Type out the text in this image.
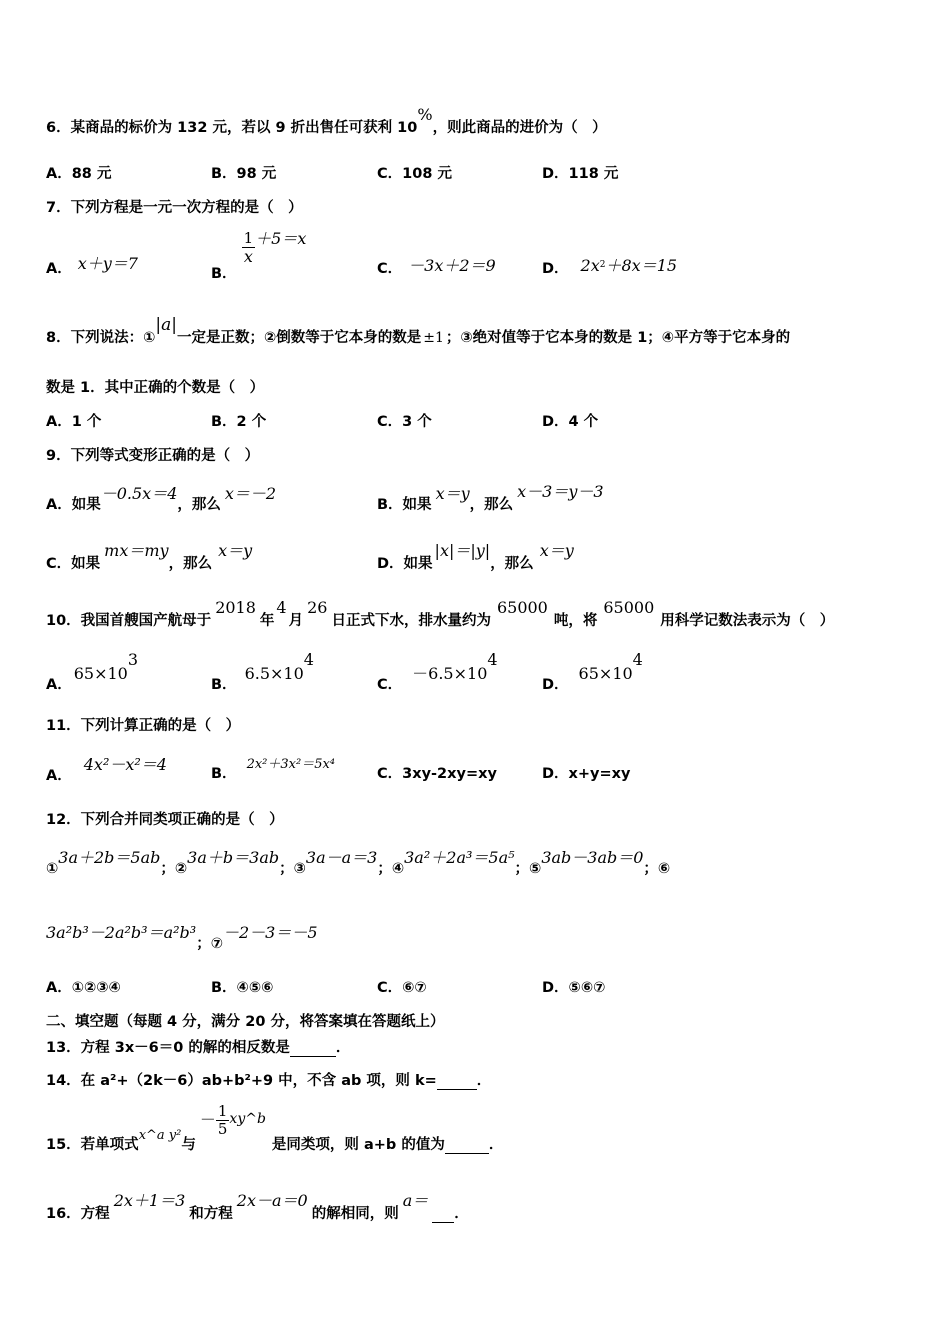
6．某商品的标价为 132 元，若以 9 折出售任可获利 10%，则此商品的进价为（　）
A．88 元	B．98 元	C．108 元	D．118 元
7．下列方程是一元一次方程的是（　）
A． x＋y＝7
B．
$\frac{1}{x} +5=x$
C． －3x＋2＝9	D． $2x^2+8x=15$
8．下列说法：①|a|一定是正数；②倒数等于它本身的数是 ±1 ；③绝对值等于它本身的数是 1；④平方等于它本身的
数是 1．其中正确的个数是（　）
A．1 个	B．2 个	C．3 个	D．4 个
9．下列等式变形正确的是（　）
A．如果－0.5x＝4，那么x＝－2
B．如果x＝y，那么x－3＝y－3
C．如果mx＝my，那么x＝y
D．如果|x|＝|y|，那么x＝y
10．我国首艘国产航母于2018年4月26日正式下水，排水量约为65000吨，将65000用科学记数法表示为（　）
A．$65\times 10^3$
B．$6.5\times 10^4$
C．$-6.5\times 10^4$
D．$65\times 10^4$
11．下列计算正确的是（　）
A．4x²－x²＝4	B．2x²＋3x²＝5x⁴
C．3xy-2xy=xy	D．x+y=xy
12．下列合并同类项正确的是（　）
①3a＋2b＝5ab；②3a＋b＝3ab；③3a－a＝3；④3a²＋2a³＝5a⁵；⑤3ab－3ab＝0；⑥
3a²b³－2a²b³＝a²b³；⑦－2－3＝－5
A．①②③④	B．④⑤⑥	C．⑥⑦	D．⑤⑥⑦
二、填空题（每题 4 分，满分 20 分，将答案填在答题纸上）
13．方程 3x－6＝0 的解的相反数是	．
14．在 a²+（2k－6）ab+b²+9 中，不含 ab 项，则 k=	．
15．若单项式x^a y²与－ $\frac{1}{5}$ xy^b是同类项，则 a+b 的值为	．
16．方程2x＋1＝3和方程2x－a＝0的解相同，则a＝ ．
